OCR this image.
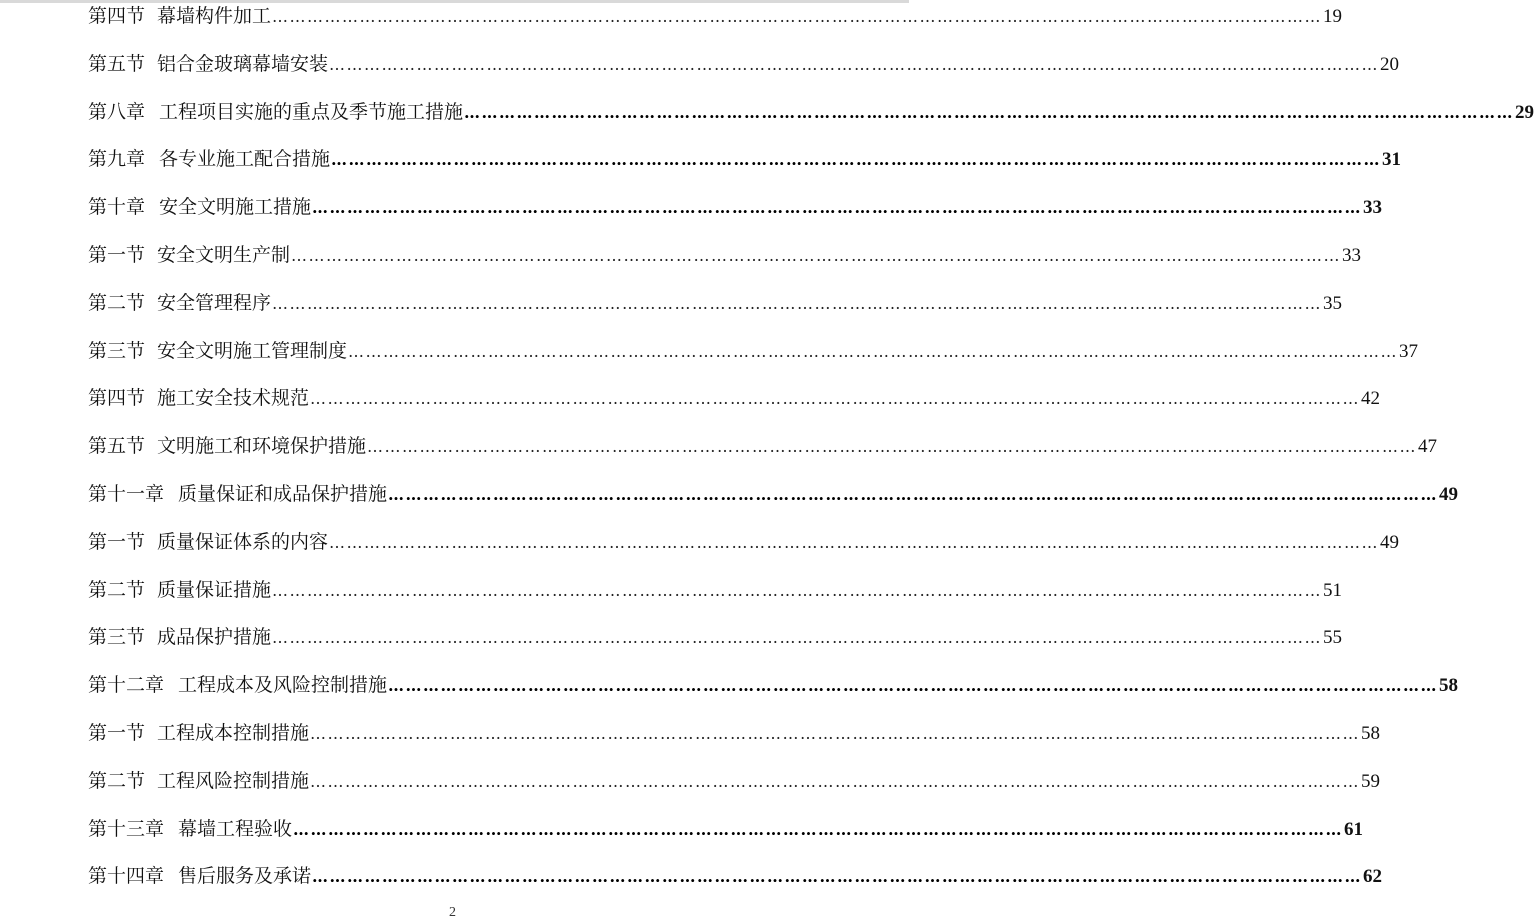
第四节 幕墙构件加工 ……………………………………………………………………………………………………………………………………………………………… 19
第五节 铝合金玻璃幕墙安装 ……………………………………………………………………………………………………………………………………………………………… 20
第八章 工程项目实施的重点及季节施工措施 ……………………………………………………………………………………………………………………………………………………………… 29
第九章 各专业施工配合措施 ……………………………………………………………………………………………………………………………………………………………… 31
第十章 安全文明施工措施 ……………………………………………………………………………………………………………………………………………………………… 33
第一节 安全文明生产制 ……………………………………………………………………………………………………………………………………………………………… 33
第二节 安全管理程序 ……………………………………………………………………………………………………………………………………………………………… 35
第三节 安全文明施工管理制度 ……………………………………………………………………………………………………………………………………………………………… 37
第四节 施工安全技术规范 ……………………………………………………………………………………………………………………………………………………………… 42
第五节 文明施工和环境保护措施 ……………………………………………………………………………………………………………………………………………………………… 47
第十一章 质量保证和成品保护措施 ……………………………………………………………………………………………………………………………………………………………… 49
第一节 质量保证体系的内容 ……………………………………………………………………………………………………………………………………………………………… 49
第二节 质量保证措施 ……………………………………………………………………………………………………………………………………………………………… 51
第三节 成品保护措施 ……………………………………………………………………………………………………………………………………………………………… 55
第十二章 工程成本及风险控制措施 ……………………………………………………………………………………………………………………………………………………………… 58
第一节 工程成本控制措施 ……………………………………………………………………………………………………………………………………………………………… 58
第二节 工程风险控制措施 ……………………………………………………………………………………………………………………………………………………………… 59
第十三章 幕墙工程验收 ……………………………………………………………………………………………………………………………………………………………… 61
第十四章 售后服务及承诺 ……………………………………………………………………………………………………………………………………………………………… 62
2
